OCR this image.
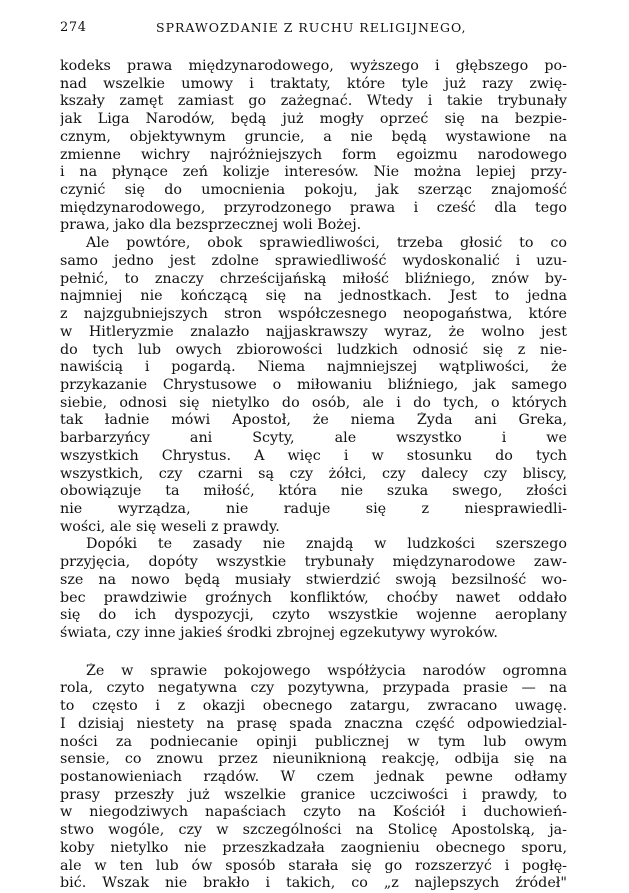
274	SPRAWOZDANIE Z RUCHU RELIGIJNEGO,
kodeks prawa międzynarodowego, wyższego i głębszego po-
nad wszelkie umowy i traktaty, które tyle już razy zwię-
kszały zamęt zamiast go zażegnać. Wtedy i takie trybunały
jak Liga Narodów, będą już mogły oprzeć się na bezpie-
cznym, objektywnym gruncie, a nie będą wystawione na
zmienne wichry najróżniejszych form egoizmu narodowego
i na płynące zeń kolizje interesów. Nie można lepiej przy-
czynić się do umocnienia pokoju, jak szerząc znajomość
międzynarodowego, przyrodzonego prawa i cześć dla tego
prawa, jako dla bezsprzecznej woli Bożej.
Ale powtóre, obok sprawiedliwości, trzeba głosić to co
samo jedno jest zdolne sprawiedliwość wydoskonalić i uzu-
pełnić, to znaczy chrześcijańską miłość bliźniego, znów by-
najmniej nie kończącą się na jednostkach. Jest to jedna
z najzgubniejszych stron współczesnego neopogaństwa, które
w Hitleryzmie znalazło najjaskrawszy wyraz, że wolno jest
do tych lub owych zbiorowości ludzkich odnosić się z nie-
nawiścią i pogardą. Niema najmniejszej wątpliwości, że
przykazanie Chrystusowe o miłowaniu bliźniego, jak samego
siebie, odnosi się nietylko do osób, ale i do tych, o których
tak ładnie mówi Apostoł, że niema Żyda ani Greka,
barbarzyńcy ani Scyty, ale wszystko i we
wszystkich Chrystus. A więc i w stosunku do tych
wszystkich, czy czarni są czy żółci, czy dalecy czy bliscy,
obowiązuje ta miłość, która nie szuka swego, złości
nie wyrządza, nie raduje się z niesprawiedli-
wości, ale się weseli z prawdy.
Dopóki te zasady nie znajdą w ludzkości szerszego
przyjęcia, dopóty wszystkie trybunały międzynarodowe zaw-
sze na nowo będą musiały stwierdzić swoją bezsilność wo-
bec prawdziwie groźnych konfliktów, choćby nawet oddało
się do ich dyspozycji, czyto wszystkie wojenne aeroplany
świata, czy inne jakieś środki zbrojnej egzekutywy wyroków.
Że w sprawie pokojowego współżycia narodów ogromna
rola, czyto negatywna czy pozytywna, przypada prasie — na
to często i z okazji obecnego zatargu, zwracano uwagę.
I dzisiaj niestety na prasę spada znaczna część odpowiedzial-
ności za podniecanie opinji publicznej w tym lub owym
sensie, co znowu przez nieuniknioną reakcję, odbija się na
postanowieniach rządów. W czem jednak pewne odłamy
prasy przeszły już wszelkie granice uczciwości i prawdy, to
w niegodziwych napaściach czyto na Kościół i duchowień-
stwo wogóle, czy w szczególności na Stolicę Apostolską, ja-
koby nietylko nie przeszkadzała zaognieniu obecnego sporu,
ale w ten lub ów sposób starała się go rozszerzyć i pogłę-
bić. Wszak nie brakło i takich, co „z najlepszych źródeł"
